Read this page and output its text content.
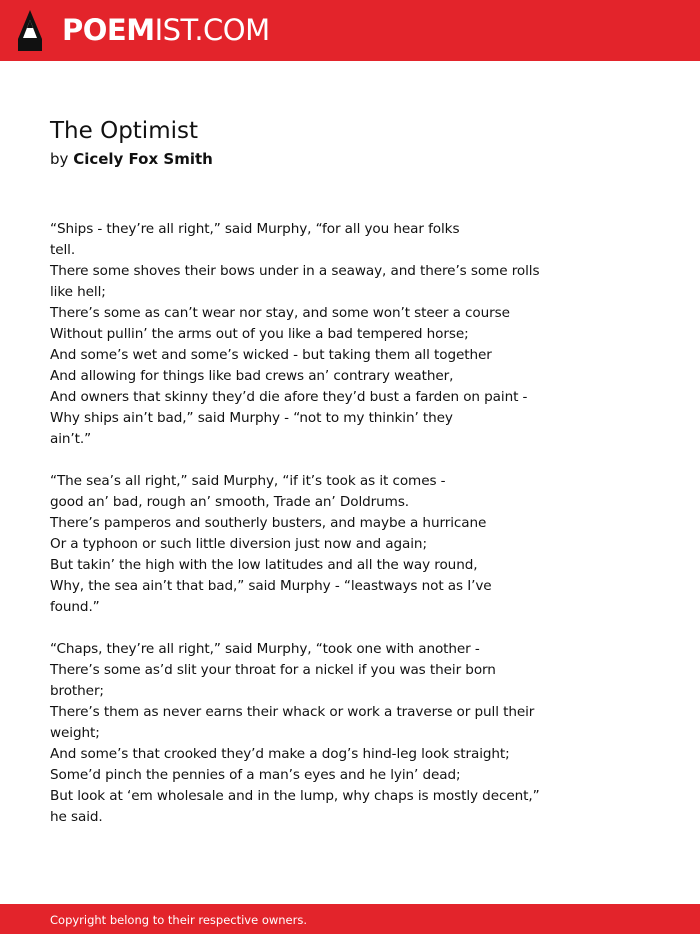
POEMIST.COM
The Optimist
by Cicely Fox Smith
“Ships - they’re all right,” said Murphy, “for all you hear folks
tell.
There some shoves their bows under in a seaway, and there’s some rolls
like hell;
There’s some as can’t wear nor stay, and some won’t steer a course
Without pullin’ the arms out of you like a bad tempered horse;
And some’s wet and some’s wicked - but taking them all together
And allowing for things like bad crews an’ contrary weather,
And owners that skinny they’d die afore they’d bust a farden on paint -
Why ships ain’t bad,” said Murphy - “not to my thinkin’ they
ain’t.”
“The sea’s all right,” said Murphy, “if it’s took as it comes -
good an’ bad, rough an’ smooth, Trade an’ Doldrums.
There’s pamperos and southerly busters, and maybe a hurricane
Or a typhoon or such little diversion just now and again;
But takin’ the high with the low latitudes and all the way round,
Why, the sea ain’t that bad,” said Murphy - “leastways not as I’ve
found.”
“Chaps, they’re all right,” said Murphy, “took one with another -
There’s some as’d slit your throat for a nickel if you was their born
brother;
There’s them as never earns their whack or work a traverse or pull their
weight;
And some’s that crooked they’d make a dog’s hind-leg look straight;
Some’d pinch the pennies of a man’s eyes and he lyin’ dead;
But look at ‘em wholesale and in the lump, why chaps is mostly decent,”
he said.
Copyright belong to their respective owners.
